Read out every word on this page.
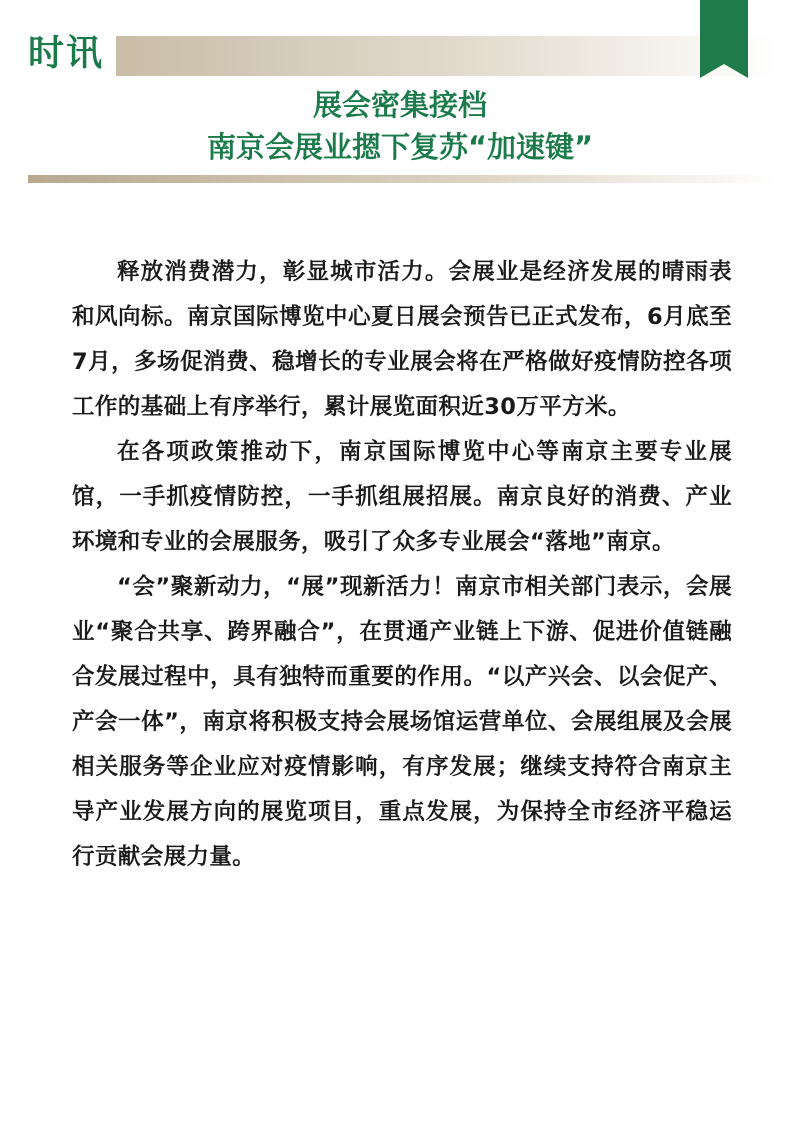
时讯
展会密集接档
南京会展业摁下复苏“加速键”

释放消费潜力，彰显城市活力。会展业是经济发展的晴雨表和风向标。南京国际博览中心夏日展会预告已正式发布，6月底至7月，多场促消费、稳增长的专业展会将在严格做好疫情防控各项工作的基础上有序举行，累计展览面积近30万平方米。

在各项政策推动下，南京国际博览中心等南京主要专业展馆，一手抓疫情防控，一手抓组展招展。南京良好的消费、产业环境和专业的会展服务，吸引了众多专业展会“落地”南京。

“会”聚新动力，“展”现新活力！南京市相关部门表示，会展业“聚合共享、跨界融合”，在贯通产业链上下游、促进价值链融合发展过程中，具有独特而重要的作用。“以产兴会、以会促产、产会一体”，南京将积极支持会展场馆运营单位、会展组展及会展相关服务等企业应对疫情影响，有序发展；继续支持符合南京主导产业发展方向的展览项目，重点发展，为保持全市经济平稳运行贡献会展力量。
